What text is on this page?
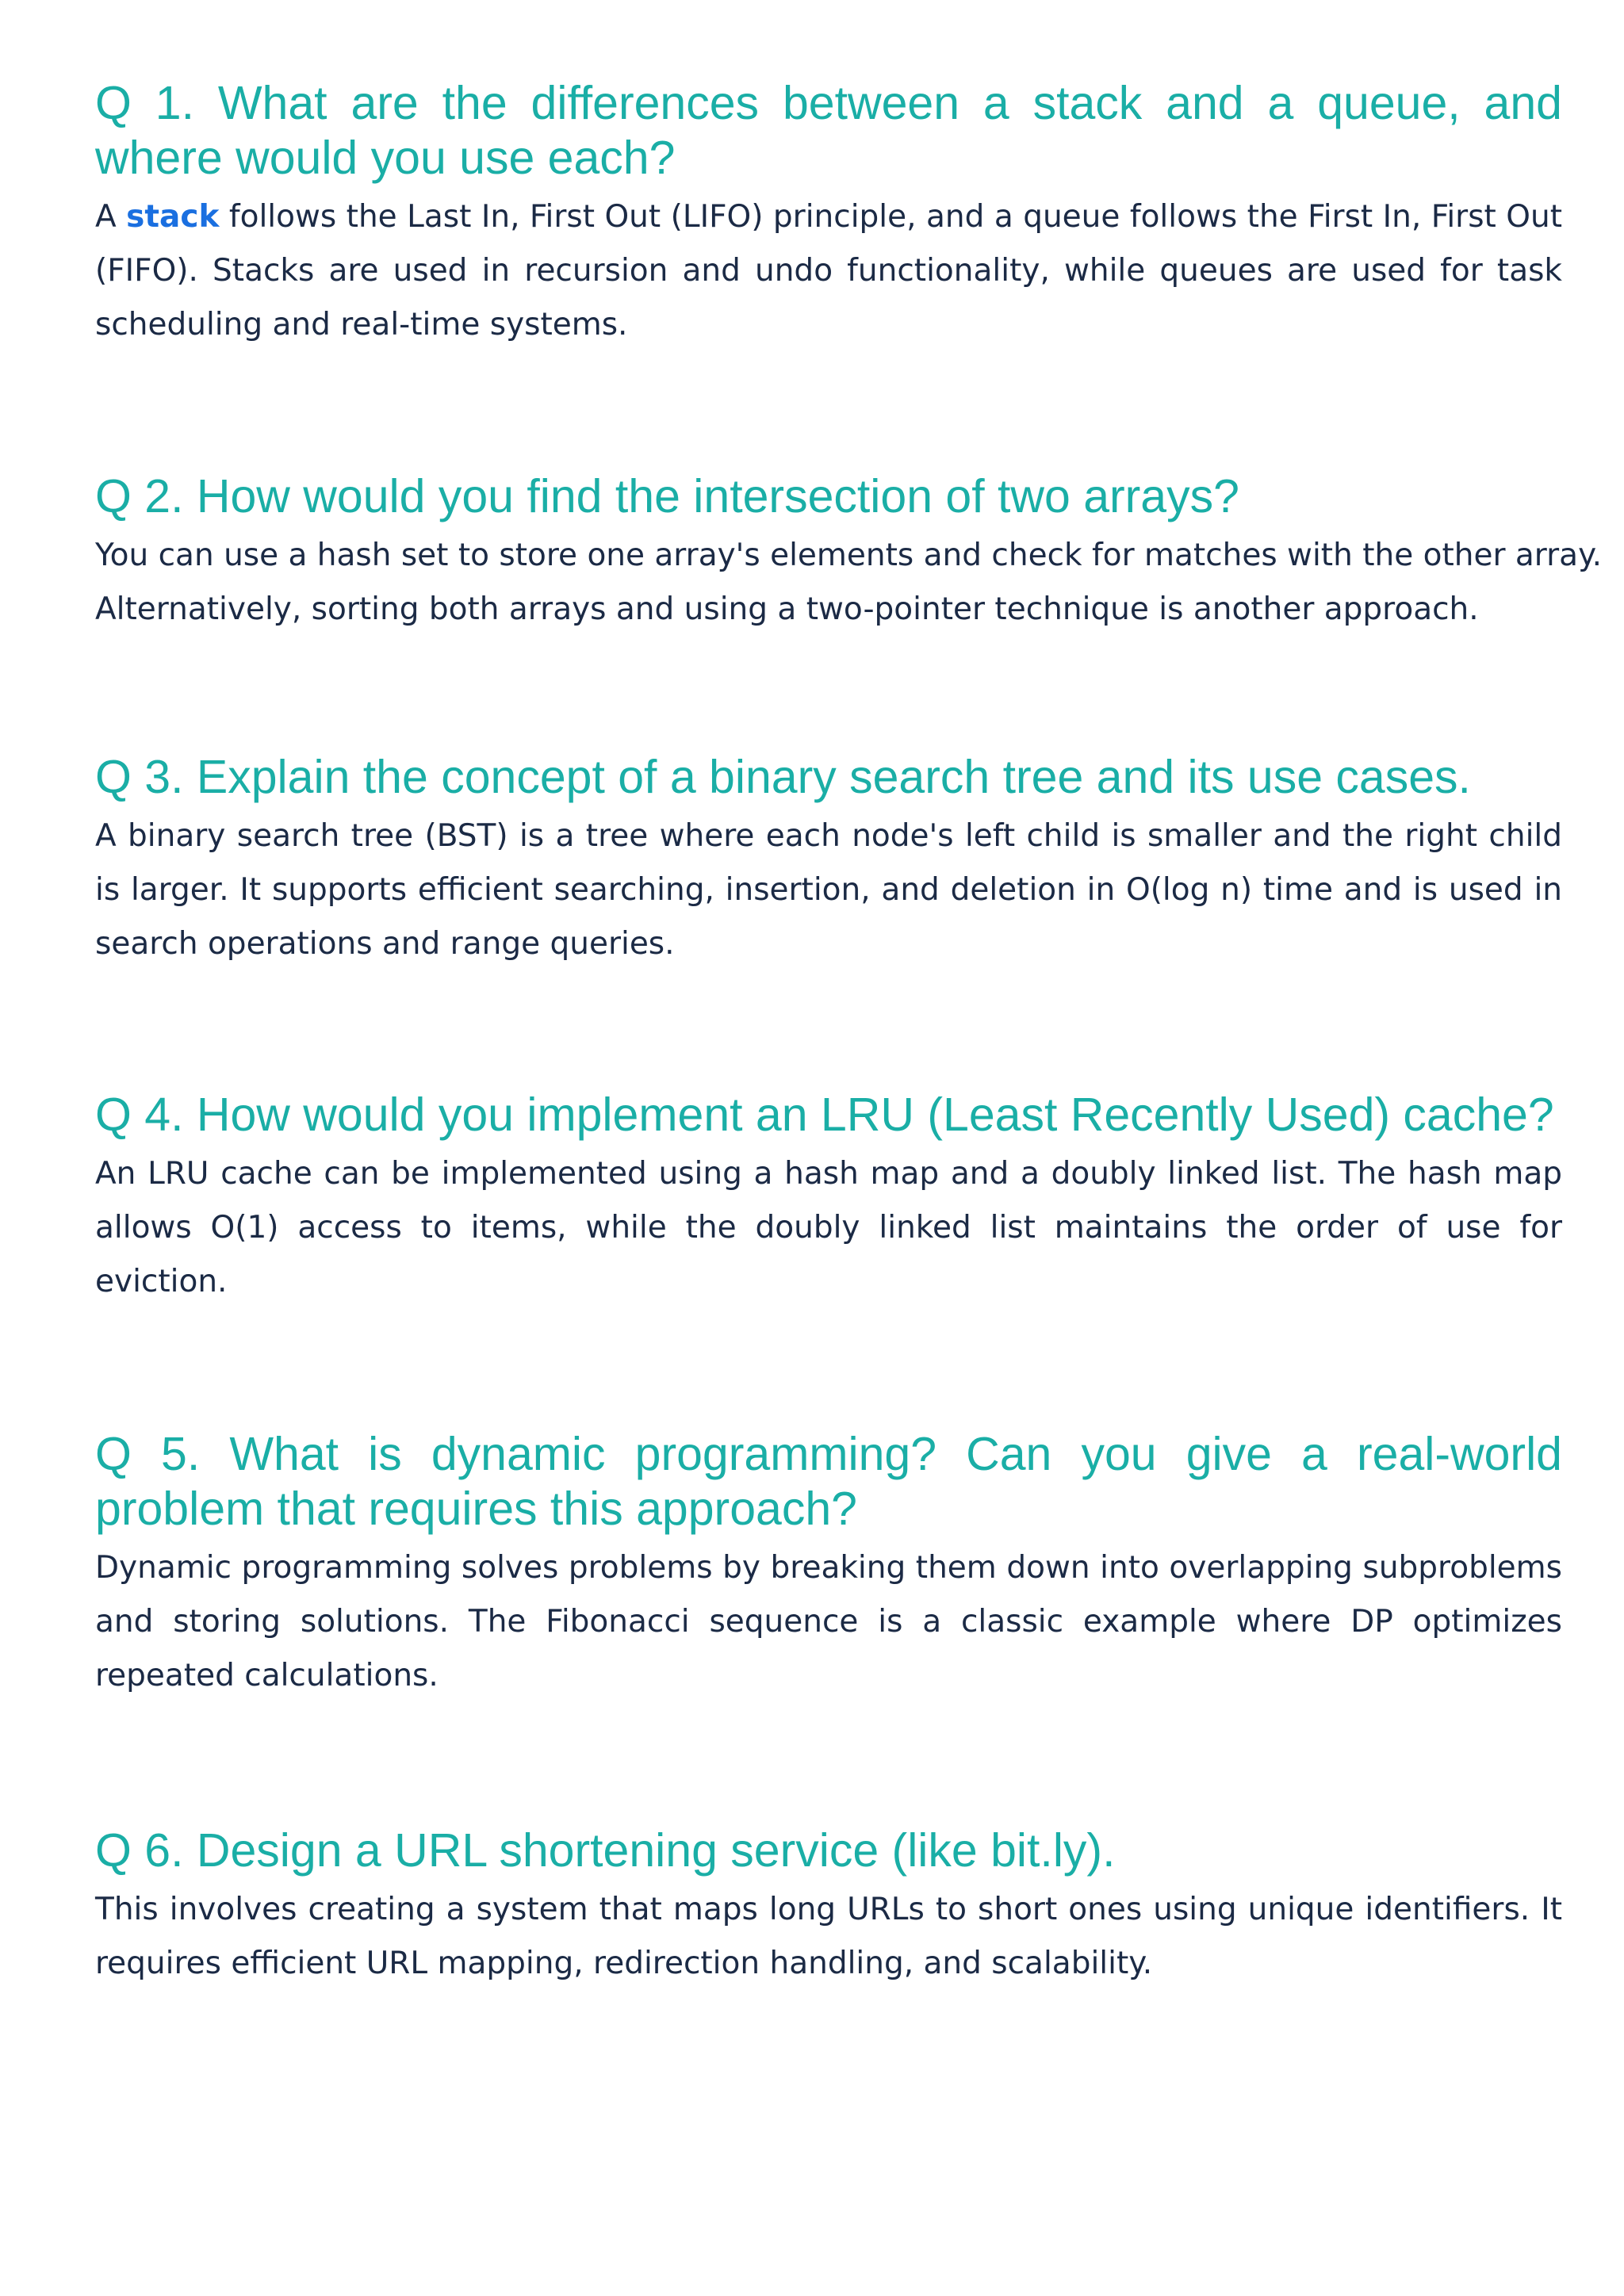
Q 1. What are the differences between a stack and a queue, and where would you use each?

A stack follows the Last In, First Out (LIFO) principle, and a queue follows the First In, First Out (FIFO). Stacks are used in recursion and undo functionality, while queues are used for task scheduling and real-time systems.

Q 2. How would you find the intersection of two arrays?

You can use a hash set to store one array's elements and check for matches with the other array. Alternatively, sorting both arrays and using a two-pointer technique is another approach.

Q 3. Explain the concept of a binary search tree and its use cases.

A binary search tree (BST) is a tree where each node's left child is smaller and the right child is larger. It supports efficient searching, insertion, and deletion in O(log n) time and is used in search operations and range queries.

Q 4. How would you implement an LRU (Least Recently Used) cache?

An LRU cache can be implemented using a hash map and a doubly linked list. The hash map allows O(1) access to items, while the doubly linked list maintains the order of use for eviction.

Q 5. What is dynamic programming? Can you give a real-world problem that requires this approach?

Dynamic programming solves problems by breaking them down into overlapping subproblems and storing solutions. The Fibonacci sequence is a classic example where DP optimizes repeated calculations.

Q 6. Design a URL shortening service (like bit.ly).

This involves creating a system that maps long URLs to short ones using unique identifiers. It requires efficient URL mapping, redirection handling, and scalability.
